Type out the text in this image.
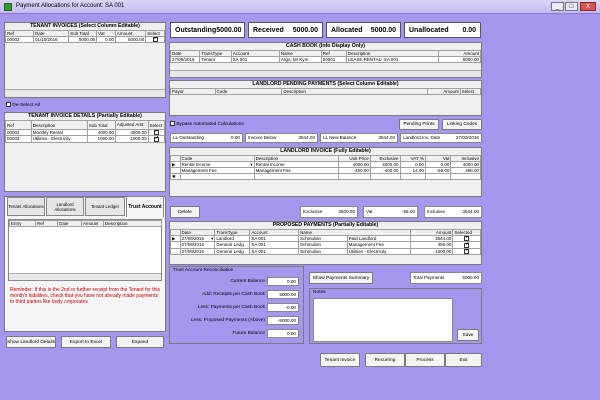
Payment Allocations for Account: SA 001	_	□	X
TENANT INVOICES (Select Column Editable)
Ref	Date	Sub Total	Vat	Amount	Select
00002	01/10/2016	5000.00	0.00	5000.00	✔
De-Select All
TENANT INVOICE DETAILS (Partially Editable)
Ref	Description	Sub Total	Adjusted Amt	Select
00002	Monthly Rental	4000.00	4000.00	✔
00002	Utilities - Electricity	1000.00	1000.00	✔
Tenant Allocations	Landlord Allocations	Tenant Ledger	Trust Account
Entry	Ref	Date	Amount	Description
Reminder: If this is the 2nd or further receipt from the Tenant for this month's liabilities, check that you have not already made payments to third parties like body corporates
Show Landlord Details	Export to Excel	Expand
Outstanding 5000.00 Received 5000.00 Allocated 5000.00 Unallocated 0.00
CASH BOOK (Info Display Only)
Date	TransType	Account	Name	Ref	Description	Amount
27/09/2016	Tenant	SA 001	Argo, Mr Kym	00001	LEASE RENTAL- SA 001	5000.00
LANDLORD PENDING PAYMENTS (Select Column Editable)
Payor	Code	Description	Amount	Select
Bypass Automated Calculations	Pending Prints	Linking Codes
LL Outstanding	0.00	Invoice Below	3544.00	LL New Balance	3544.00	Landlord Inv. Date	27/09/2016
LANDLORD INVOICE (Fully Editable)
	Code	Description	Unit Price	Exclusive	VAT %	Vat	Inclusive
▶	Rental Income ▾	Rental Income	4000.00	4000.00	0.00	0.00	4000.00
	Management Fee	Management Fee	-400.00	-400.00	14.00	-56.00	456.00
✱							
Delete	Exclusive	3600.00	Vat	-56.00	Inclusive	3544.00
PROPOSED PAYMENTS (Partially Editable)
	Date	TransType	Account	Name		Amount	Selected
▶	27/09/2016 ▾	Landlord	SA 001	Schmulian	Paid Landlord	3544.00	✔
	27/09/2016	General Ledg	SA 001	Schmulian	Management Fee	456.00	✔
	27/09/2016	General Ledg	SA 001	Schmulian	Utilities - Electricity	1000.00	✔
Trust Account Reconciliation
Current Balance	0.00
Add: Receipts per Cash Book	5000.00
Less: Payments per Cash Book	-0.00
Less: Proposed Payments (Above)	-5000.00
Future Balance	0.00
Show Payments Summary	Total Payments	5000.00
Notes
Save
Tenant Invoice	Recurring	Process	Exit
